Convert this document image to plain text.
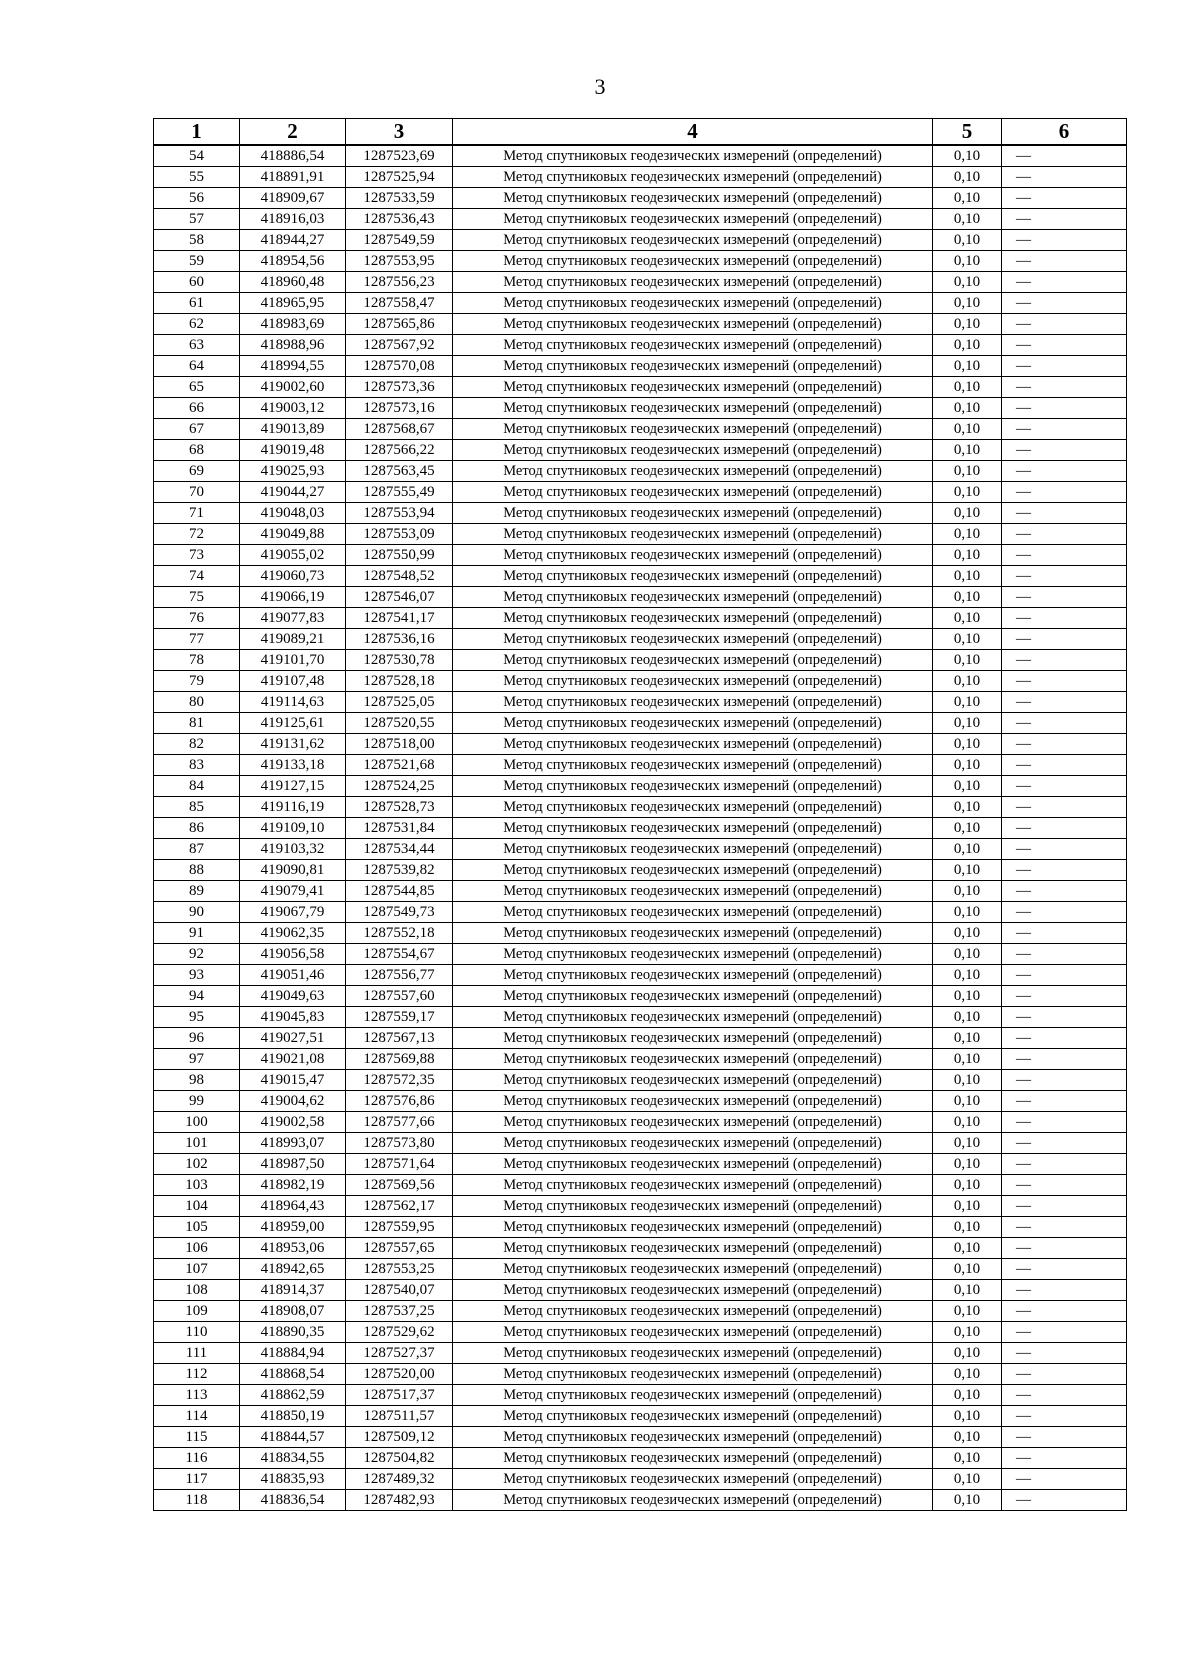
3
1	2	3	4	5	6
54	418886,54	1287523,69	Метод спутниковых геодезических измерений (определений)	0,10	—
55	418891,91	1287525,94	Метод спутниковых геодезических измерений (определений)	0,10	—
56	418909,67	1287533,59	Метод спутниковых геодезических измерений (определений)	0,10	—
57	418916,03	1287536,43	Метод спутниковых геодезических измерений (определений)	0,10	—
58	418944,27	1287549,59	Метод спутниковых геодезических измерений (определений)	0,10	—
59	418954,56	1287553,95	Метод спутниковых геодезических измерений (определений)	0,10	—
60	418960,48	1287556,23	Метод спутниковых геодезических измерений (определений)	0,10	—
61	418965,95	1287558,47	Метод спутниковых геодезических измерений (определений)	0,10	—
62	418983,69	1287565,86	Метод спутниковых геодезических измерений (определений)	0,10	—
63	418988,96	1287567,92	Метод спутниковых геодезических измерений (определений)	0,10	—
64	418994,55	1287570,08	Метод спутниковых геодезических измерений (определений)	0,10	—
65	419002,60	1287573,36	Метод спутниковых геодезических измерений (определений)	0,10	—
66	419003,12	1287573,16	Метод спутниковых геодезических измерений (определений)	0,10	—
67	419013,89	1287568,67	Метод спутниковых геодезических измерений (определений)	0,10	—
68	419019,48	1287566,22	Метод спутниковых геодезических измерений (определений)	0,10	—
69	419025,93	1287563,45	Метод спутниковых геодезических измерений (определений)	0,10	—
70	419044,27	1287555,49	Метод спутниковых геодезических измерений (определений)	0,10	—
71	419048,03	1287553,94	Метод спутниковых геодезических измерений (определений)	0,10	—
72	419049,88	1287553,09	Метод спутниковых геодезических измерений (определений)	0,10	—
73	419055,02	1287550,99	Метод спутниковых геодезических измерений (определений)	0,10	—
74	419060,73	1287548,52	Метод спутниковых геодезических измерений (определений)	0,10	—
75	419066,19	1287546,07	Метод спутниковых геодезических измерений (определений)	0,10	—
76	419077,83	1287541,17	Метод спутниковых геодезических измерений (определений)	0,10	—
77	419089,21	1287536,16	Метод спутниковых геодезических измерений (определений)	0,10	—
78	419101,70	1287530,78	Метод спутниковых геодезических измерений (определений)	0,10	—
79	419107,48	1287528,18	Метод спутниковых геодезических измерений (определений)	0,10	—
80	419114,63	1287525,05	Метод спутниковых геодезических измерений (определений)	0,10	—
81	419125,61	1287520,55	Метод спутниковых геодезических измерений (определений)	0,10	—
82	419131,62	1287518,00	Метод спутниковых геодезических измерений (определений)	0,10	—
83	419133,18	1287521,68	Метод спутниковых геодезических измерений (определений)	0,10	—
84	419127,15	1287524,25	Метод спутниковых геодезических измерений (определений)	0,10	—
85	419116,19	1287528,73	Метод спутниковых геодезических измерений (определений)	0,10	—
86	419109,10	1287531,84	Метод спутниковых геодезических измерений (определений)	0,10	—
87	419103,32	1287534,44	Метод спутниковых геодезических измерений (определений)	0,10	—
88	419090,81	1287539,82	Метод спутниковых геодезических измерений (определений)	0,10	—
89	419079,41	1287544,85	Метод спутниковых геодезических измерений (определений)	0,10	—
90	419067,79	1287549,73	Метод спутниковых геодезических измерений (определений)	0,10	—
91	419062,35	1287552,18	Метод спутниковых геодезических измерений (определений)	0,10	—
92	419056,58	1287554,67	Метод спутниковых геодезических измерений (определений)	0,10	—
93	419051,46	1287556,77	Метод спутниковых геодезических измерений (определений)	0,10	—
94	419049,63	1287557,60	Метод спутниковых геодезических измерений (определений)	0,10	—
95	419045,83	1287559,17	Метод спутниковых геодезических измерений (определений)	0,10	—
96	419027,51	1287567,13	Метод спутниковых геодезических измерений (определений)	0,10	—
97	419021,08	1287569,88	Метод спутниковых геодезических измерений (определений)	0,10	—
98	419015,47	1287572,35	Метод спутниковых геодезических измерений (определений)	0,10	—
99	419004,62	1287576,86	Метод спутниковых геодезических измерений (определений)	0,10	—
100	419002,58	1287577,66	Метод спутниковых геодезических измерений (определений)	0,10	—
101	418993,07	1287573,80	Метод спутниковых геодезических измерений (определений)	0,10	—
102	418987,50	1287571,64	Метод спутниковых геодезических измерений (определений)	0,10	—
103	418982,19	1287569,56	Метод спутниковых геодезических измерений (определений)	0,10	—
104	418964,43	1287562,17	Метод спутниковых геодезических измерений (определений)	0,10	—
105	418959,00	1287559,95	Метод спутниковых геодезических измерений (определений)	0,10	—
106	418953,06	1287557,65	Метод спутниковых геодезических измерений (определений)	0,10	—
107	418942,65	1287553,25	Метод спутниковых геодезических измерений (определений)	0,10	—
108	418914,37	1287540,07	Метод спутниковых геодезических измерений (определений)	0,10	—
109	418908,07	1287537,25	Метод спутниковых геодезических измерений (определений)	0,10	—
110	418890,35	1287529,62	Метод спутниковых геодезических измерений (определений)	0,10	—
111	418884,94	1287527,37	Метод спутниковых геодезических измерений (определений)	0,10	—
112	418868,54	1287520,00	Метод спутниковых геодезических измерений (определений)	0,10	—
113	418862,59	1287517,37	Метод спутниковых геодезических измерений (определений)	0,10	—
114	418850,19	1287511,57	Метод спутниковых геодезических измерений (определений)	0,10	—
115	418844,57	1287509,12	Метод спутниковых геодезических измерений (определений)	0,10	—
116	418834,55	1287504,82	Метод спутниковых геодезических измерений (определений)	0,10	—
117	418835,93	1287489,32	Метод спутниковых геодезических измерений (определений)	0,10	—
118	418836,54	1287482,93	Метод спутниковых геодезических измерений (определений)	0,10	—
